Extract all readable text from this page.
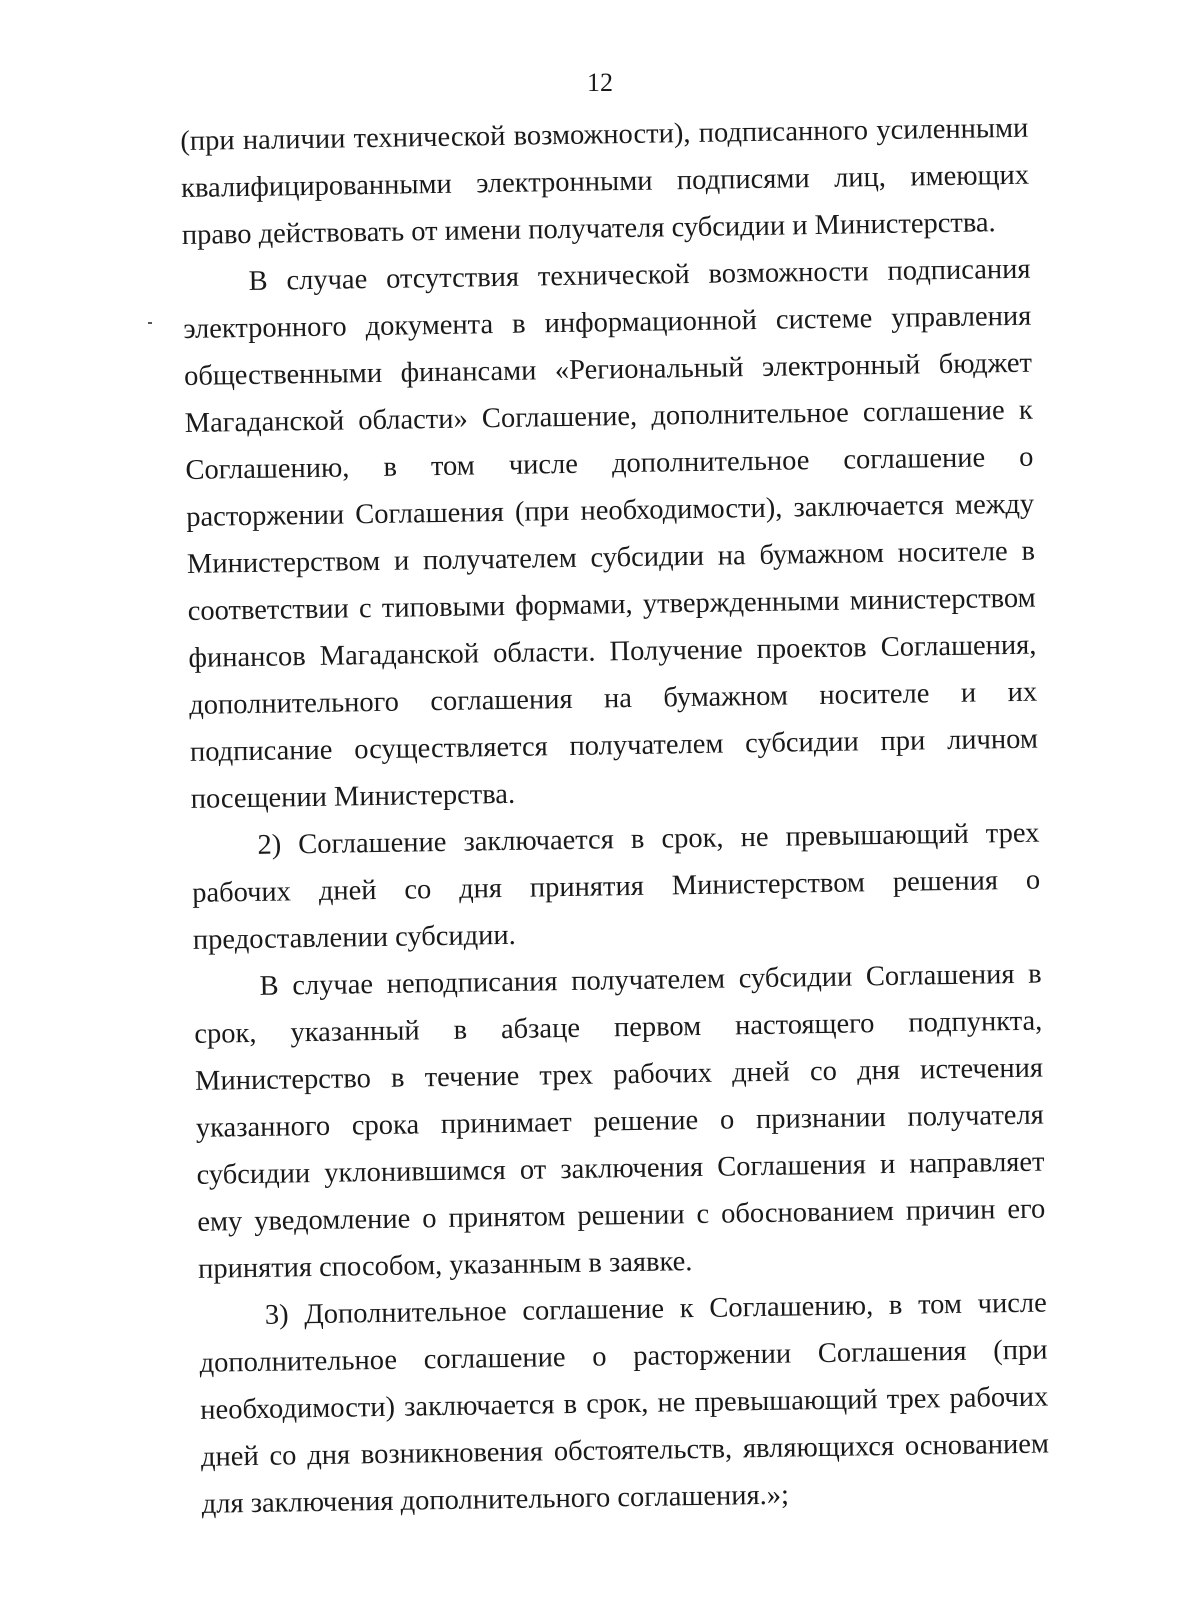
12

(при наличии технической возможности), подписанного усиленными квалифицированными электронными подписями лиц, имеющих право действовать от имени получателя субсидии и Министерства.

В случае отсутствия технической возможности подписания электронного документа в информационной системе управления общественными финансами «Региональный электронный бюджет Магаданской области» Соглашение, дополнительное соглашение к Соглашению, в том числе дополнительное соглашение о расторжении Соглашения (при необходимости), заключается между Министерством и получателем субсидии на бумажном носителе в соответствии с типовыми формами, утвержденными министерством финансов Магаданской области. Получение проектов Соглашения, дополнительного соглашения на бумажном носителе и их подписание осуществляется получателем субсидии при личном посещении Министерства.

2) Соглашение заключается в срок, не превышающий трех рабочих дней со дня принятия Министерством решения о предоставлении субсидии.

В случае неподписания получателем субсидии Соглашения в срок, указанный в абзаце первом настоящего подпункта, Министерство в течение трех рабочих дней со дня истечения указанного срока принимает решение о признании получателя субсидии уклонившимся от заключения Соглашения и направляет ему уведомление о принятом решении с обоснованием причин его принятия способом, указанным в заявке.

3) Дополнительное соглашение к Соглашению, в том числе дополнительное соглашение о расторжении Соглашения (при необходимости) заключается в срок, не превышающий трех рабочих дней со дня возникновения обстоятельств, являющихся основанием для заключения дополнительного соглашения.»;
